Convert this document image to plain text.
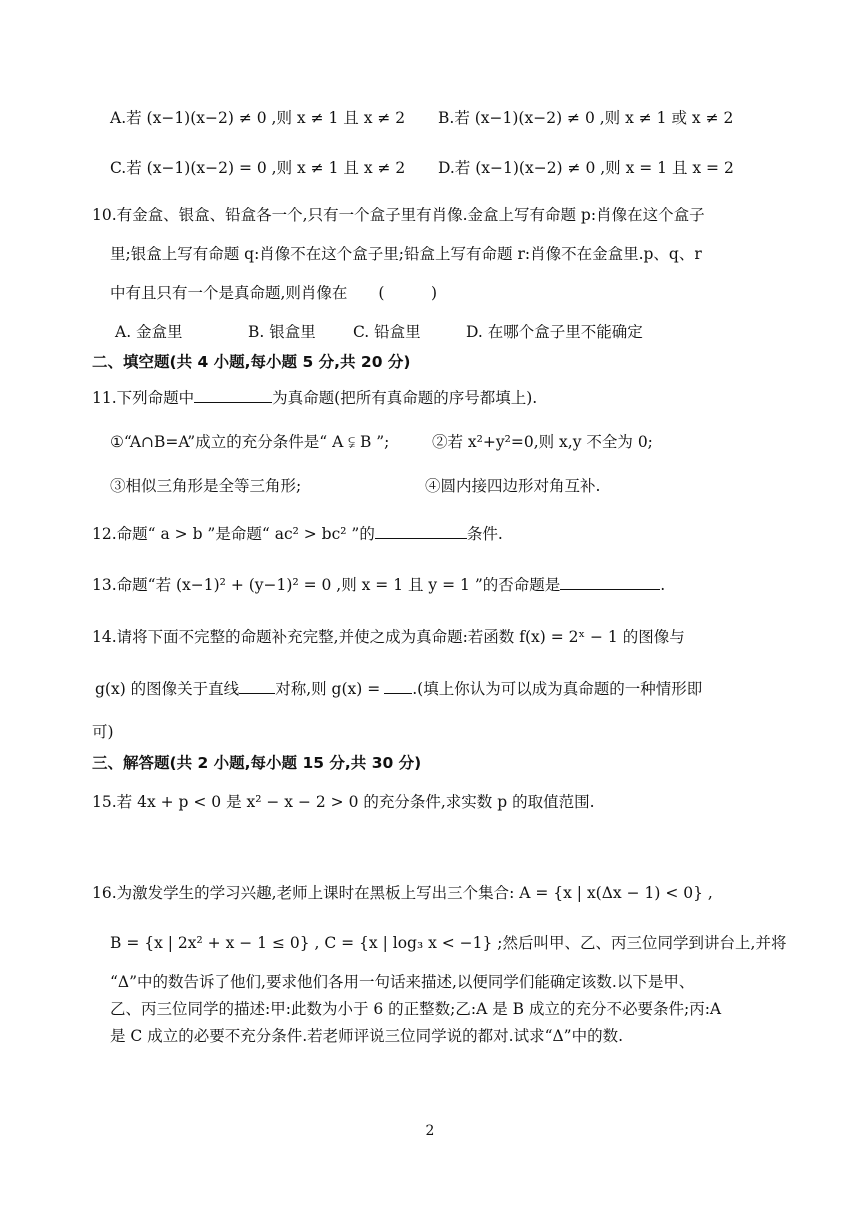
A.若 (x−1)(x−2) ≠ 0 ,则 x ≠ 1 且 x ≠ 2 B.若 (x−1)(x−2) ≠ 0 ,则 x ≠ 1 或 x ≠ 2
C.若 (x−1)(x−2) = 0 ,则 x ≠ 1 且 x ≠ 2 D.若 (x−1)(x−2) ≠ 0 ,则 x = 1 且 x = 2
10.有金盒、银盒、铅盒各一个,只有一个盒子里有肖像.金盒上写有命题 p:肖像在这个盒子
里;银盒上写有命题 q:肖像不在这个盒子里;铅盒上写有命题 r:肖像不在金盒里.p、q、r
中有且只有一个是真命题,则肖像在　　(　　　)
A. 金盒里	B. 银盒里 C. 铅盒里	D. 在哪个盒子里不能确定
二、填空题(共 4 小题,每小题 5 分,共 20 分)
11.下列命题中	为真命题(把所有真命题的序号都填上).
①“A∩B=A”成立的充分条件是“ A ⫋ B ”;	②若 x²+y²=0,则 x,y 不全为 0;
③相似三角形是全等三角形;	④圆内接四边形对角互补.
12.命题“ a > b ”是命题“ ac² > bc² ”的	条件.
13.命题“若 (x−1)² + (y−1)² = 0 ,则 x = 1 且 y = 1 ”的否命题是	.
14.请将下面不完整的命题补充完整,并使之成为真命题:若函数 f(x) = 2ˣ − 1 的图像与
g(x) 的图像关于直线 对称,则 g(x) = .(填上你认为可以成为真命题的一种情形即
可)
三、解答题(共 2 小题,每小题 15 分,共 30 分)
15.若 4x + p < 0 是 x² − x − 2 > 0 的充分条件,求实数 p 的取值范围.
16.为激发学生的学习兴趣,老师上课时在黑板上写出三个集合: A = {x | x(Δx − 1) < 0} ,
B = {x | 2x² + x − 1 ≤ 0} , C = {x | log₃ x < −1} ;然后叫甲、乙、丙三位同学到讲台上,并将
“Δ”中的数告诉了他们,要求他们各用一句话来描述,以便同学们能确定该数.以下是甲、
乙、丙三位同学的描述:甲:此数为小于 6 的正整数;乙:A 是 B 成立的充分不必要条件;丙:A
是 C 成立的必要不充分条件.若老师评说三位同学说的都对.试求“Δ”中的数.
2
